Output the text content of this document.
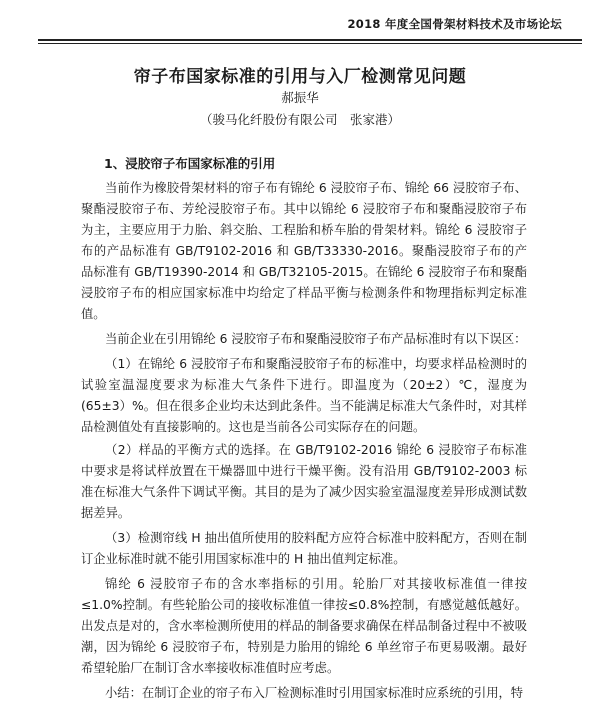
2018 年度全国骨架材料技术及市场论坛
帘子布国家标准的引用与入厂检测常见问题
郝振华
（骏马化纤股份有限公司　张家港）
1、浸胶帘子布国家标准的引用

当前作为橡胶骨架材料的帘子布有锦纶 6 浸胶帘子布、锦纶 66 浸胶帘子布、聚酯浸胶帘子布、芳纶浸胶帘子布。其中以锦纶 6 浸胶帘子布和聚酯浸胶帘子布为主，主要应用于力胎、斜交胎、工程胎和桥车胎的骨架材料。锦纶 6 浸胶帘子布的产品标准有 GB/T9102-2016 和 GB/T33330-2016。聚酯浸胶帘子布的产品标准有 GB/T19390-2014 和 GB/T32105-2015。在锦纶 6 浸胶帘子布和聚酯浸胶帘子布的相应国家标准中均给定了样品平衡与检测条件和物理指标判定标准值。

当前企业在引用锦纶 6 浸胶帘子布和聚酯浸胶帘子布产品标准时有以下误区：

（1）在锦纶 6 浸胶帘子布和聚酯浸胶帘子布的标准中，均要求样品检测时的试验室温湿度要求为标准大气条件下进行。即温度为（20±2）℃，湿度为(65±3）%。但在很多企业均未达到此条件。当不能满足标准大气条件时，对其样品检测值处有直接影响的。这也是当前各公司实际存在的问题。

（2）样品的平衡方式的选择。在 GB/T9102-2016 锦纶 6 浸胶帘子布标准中要求是将试样放置在干燥器皿中进行干燥平衡。没有沿用 GB/T9102-2003 标准在标准大气条件下调试平衡。其目的是为了减少因实验室温湿度差异形成测试数据差异。

（3）检测帘线 H 抽出值所使用的胶料配方应符合标准中胶料配方，否则在制订企业标准时就不能引用国家标准中的 H 抽出值判定标准。

锦纶 6 浸胶帘子布的含水率指标的引用。轮胎厂对其接收标准值一律按≤1.0%控制。有些轮胎公司的接收标准值一律按≤0.8%控制，有感觉越低越好。出发点是对的，含水率检测所使用的样品的制备要求确保在样品制备过程中不被吸潮，因为锦纶 6 浸胶帘子布，特别是力胎用的锦纶 6 单丝帘子布更易吸潮。最好希望轮胎厂在制订含水率接收标准值时应考虑。

小结：在制订企业的帘子布入厂检测标准时引用国家标准时应系统的引用，特
